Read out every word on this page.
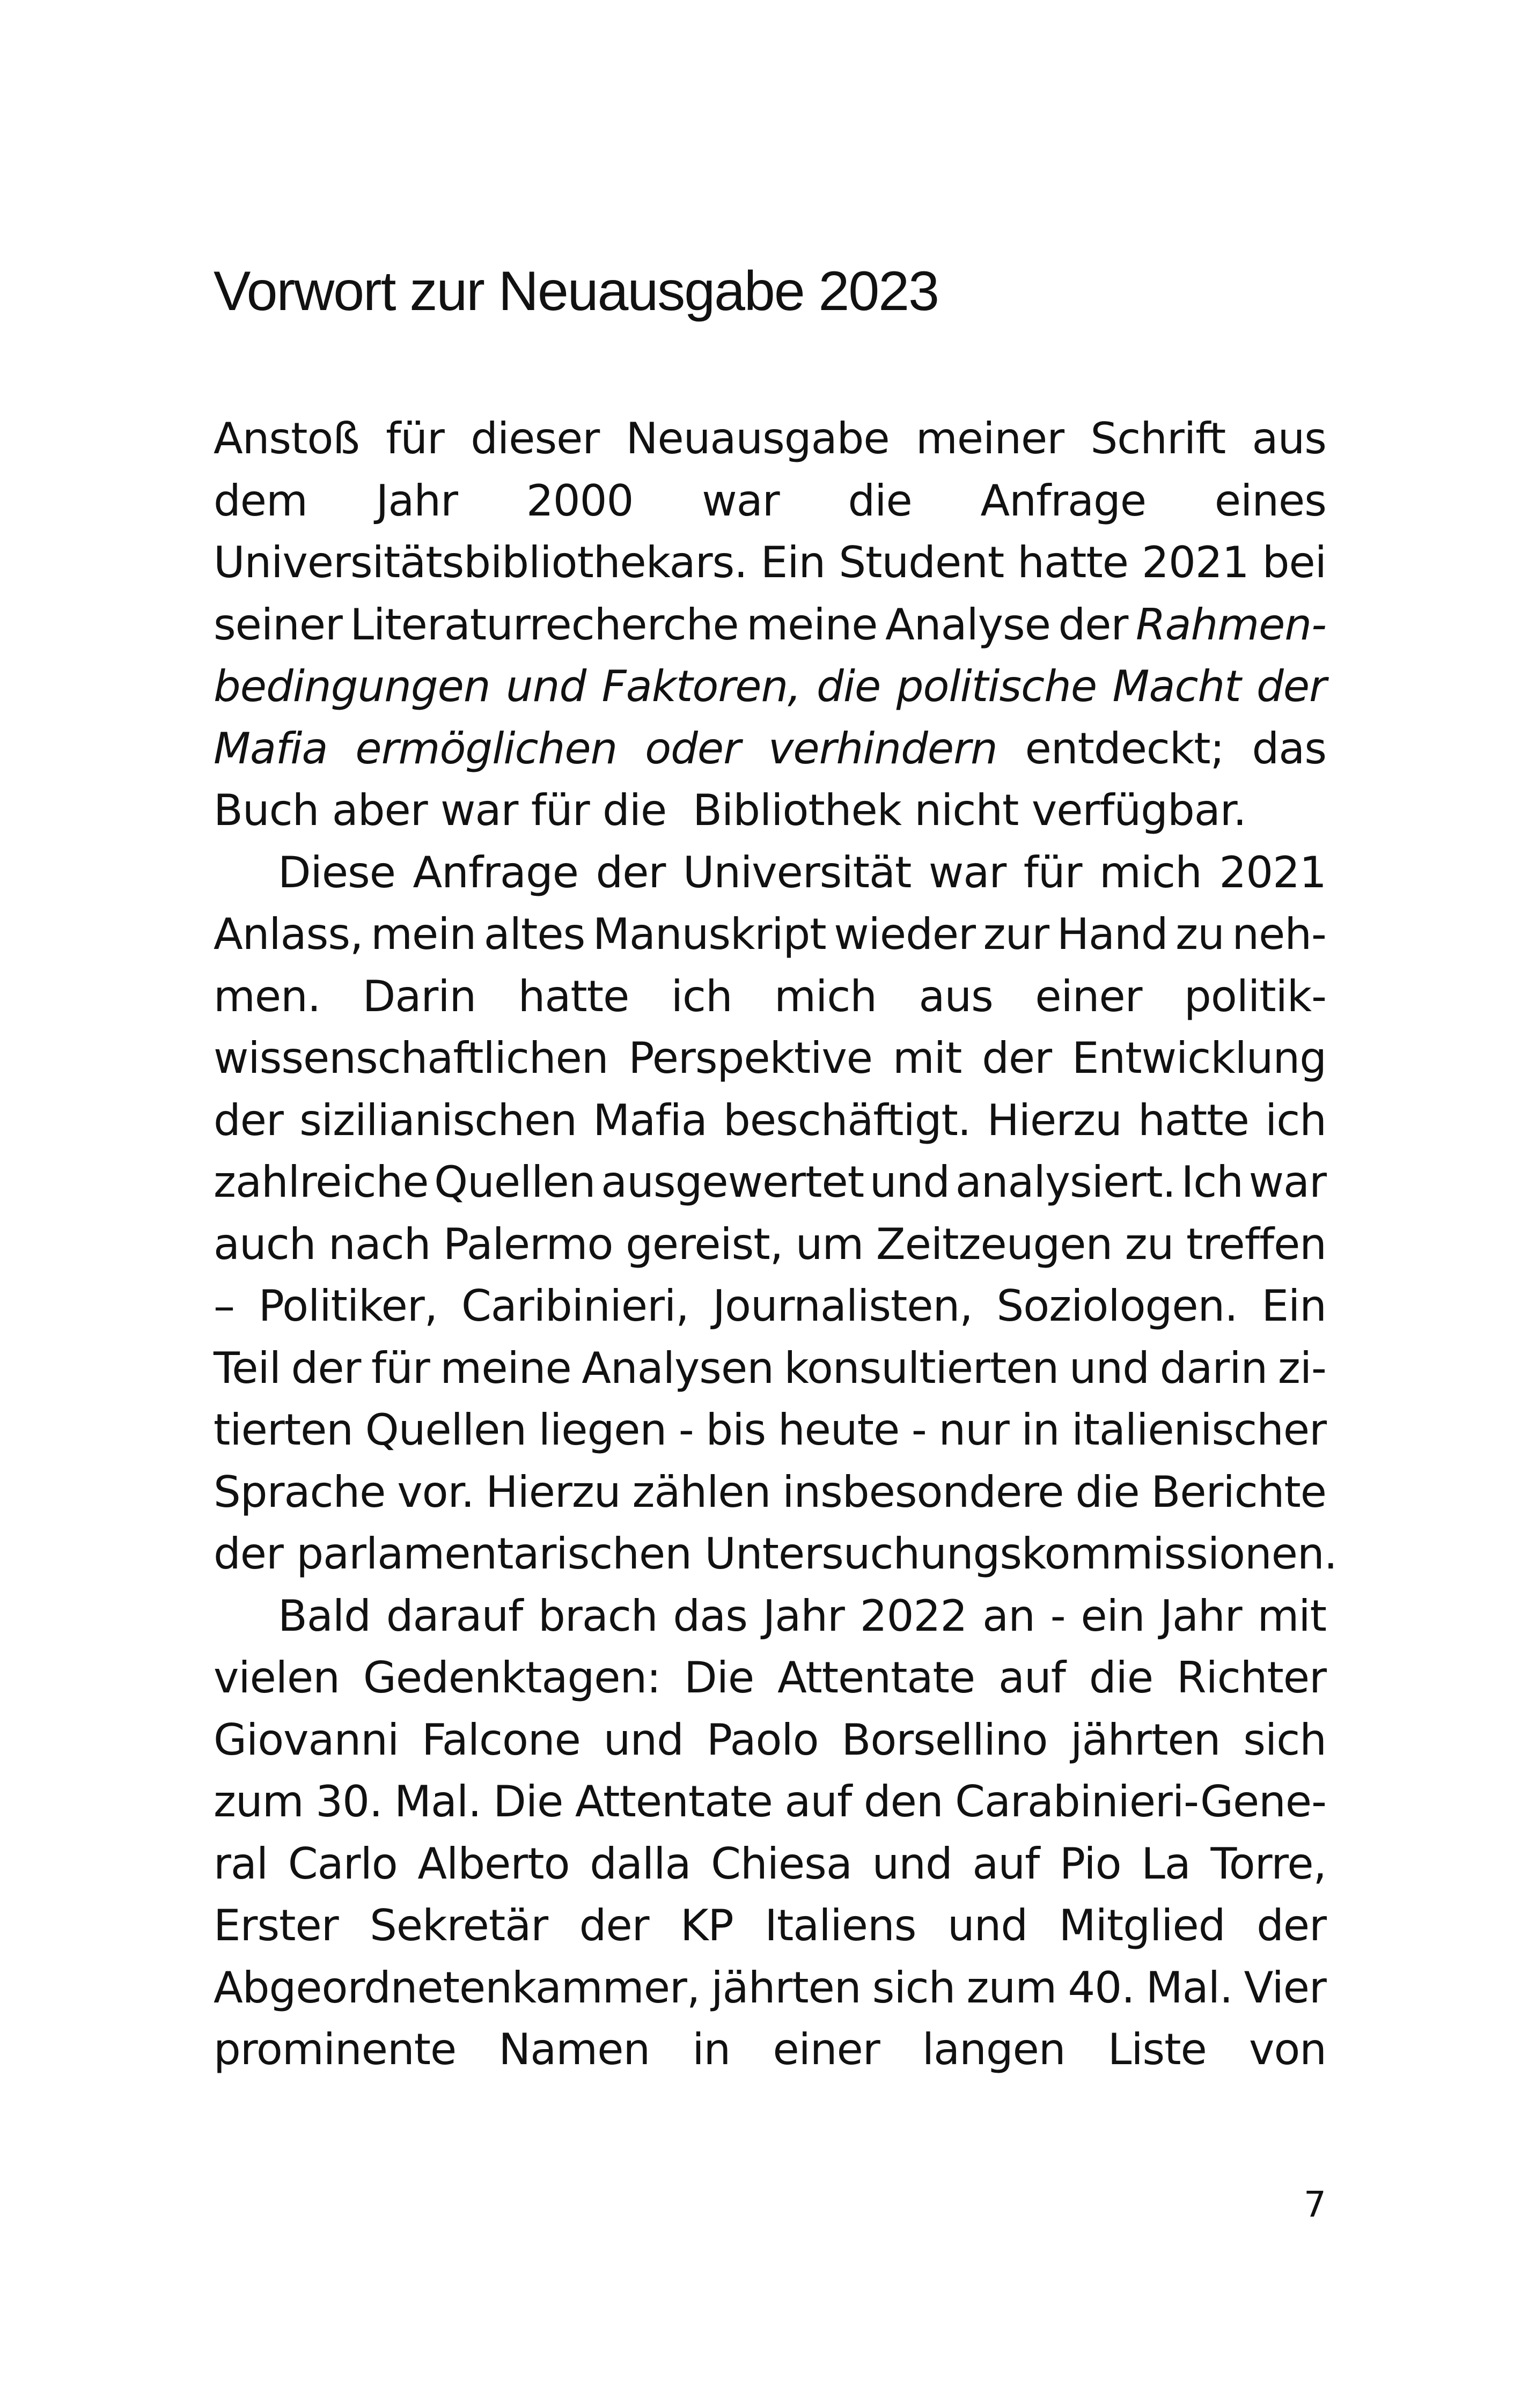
Vorwort zur Neuausgabe 2023
Anstoß für dieser Neuausgabe meiner Schrift aus
dem Jahr 2000 war die Anfrage eines
Universitätsbibliothekars. Ein Student hatte 2021 bei
seiner Literaturrecherche meine Analyse der Rahmen-
bedingungen und Faktoren, die politische Macht der
Mafia ermöglichen oder verhindern entdeckt; das
Buch aber war für die  Bibliothek nicht verfügbar.
Diese Anfrage der Universität war für mich 2021
Anlass, mein altes Manuskript wieder zur Hand zu neh-
men. Darin hatte ich mich aus einer politik-
wissenschaftlichen Perspektive mit der Entwicklung
der sizilianischen Mafia beschäftigt. Hierzu hatte ich
zahlreiche Quellen ausgewertet und analysiert. Ich war
auch nach Palermo gereist, um Zeitzeugen zu treffen
– Politiker, Caribinieri, Journalisten, Soziologen. Ein
Teil der für meine Analysen konsultierten und darin zi-
tierten Quellen liegen - bis heute - nur in italienischer
Sprache vor. Hierzu zählen insbesondere die Berichte
der parlamentarischen Untersuchungskommissionen.
Bald darauf brach das Jahr 2022 an - ein Jahr mit
vielen Gedenktagen: Die Attentate auf die Richter
Giovanni Falcone und Paolo Borsellino jährten sich
zum 30. Mal. Die Attentate auf den Carabinieri-Gene-
ral Carlo Alberto dalla Chiesa und auf Pio La Torre,
Erster Sekretär der KP Italiens und Mitglied der
Abgeordnetenkammer, jährten sich zum 40. Mal. Vier
prominente Namen in einer langen Liste von
7
